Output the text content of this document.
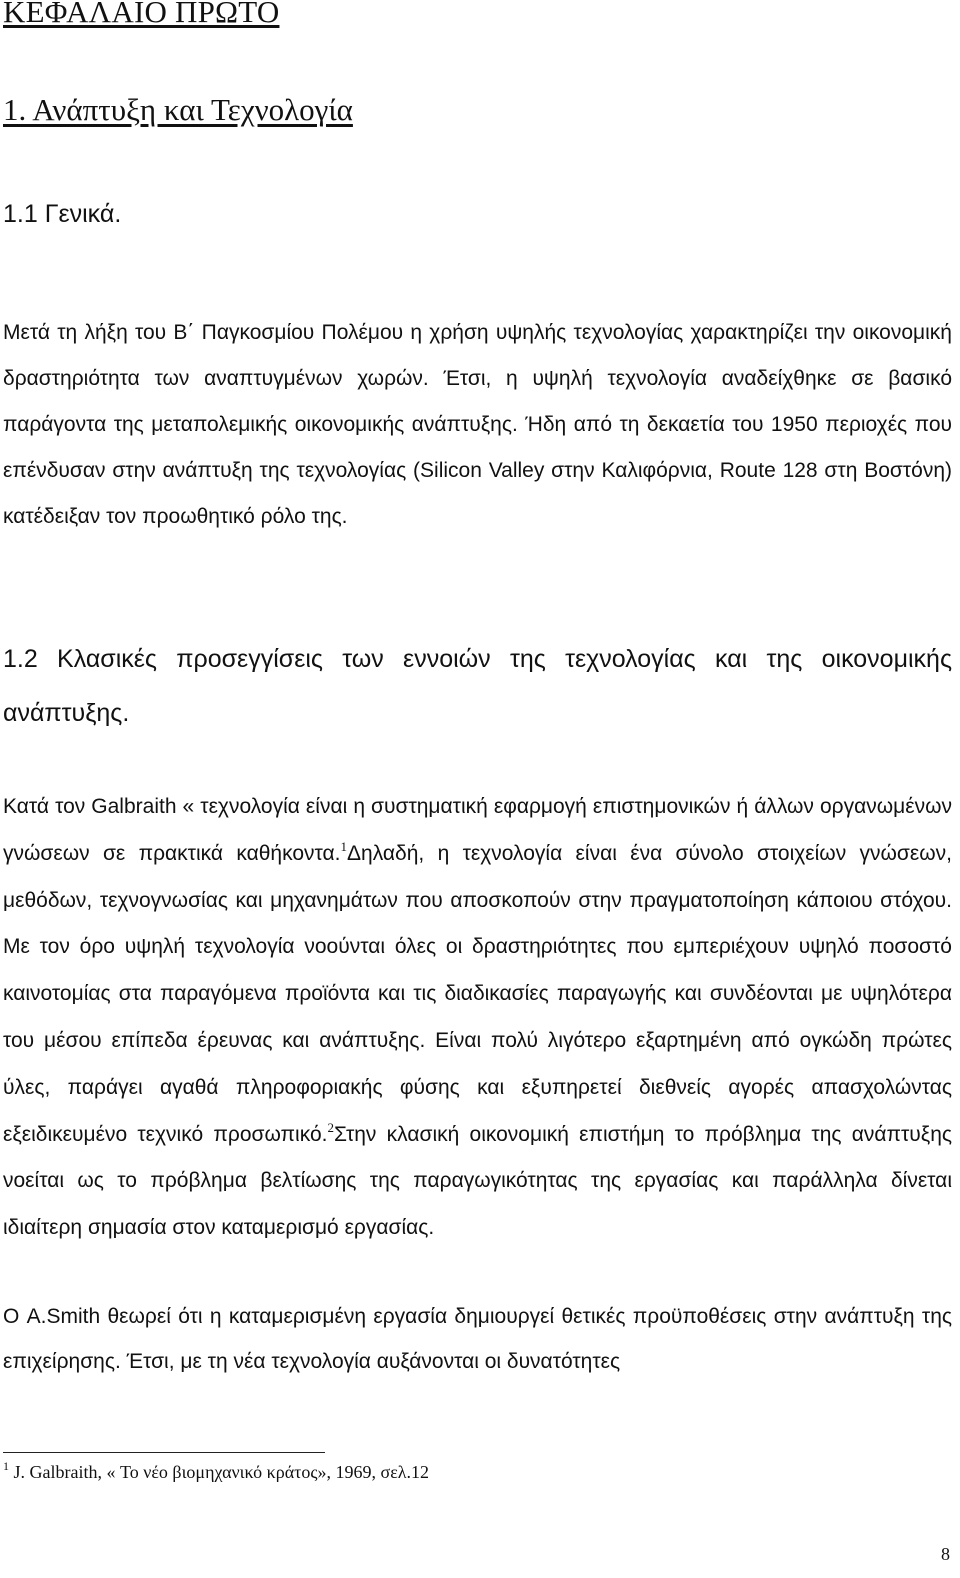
ΚΕΦΑΛΑΙΟ ΠΡΩΤΟ
1. Ανάπτυξη και Τεχνολογία
1.1 Γενικά.

Μετά τη λήξη του Β΄ Παγκοσμίου Πολέμου η χρήση υψηλής τεχνολογίας χαρακτηρίζει την οικονομική δραστηριότητα των αναπτυγμένων χωρών. Έτσι, η υψηλή τεχνολογία αναδείχθηκε σε βασικό παράγοντα της μεταπολεμικής οικονομικής ανάπτυξης. Ήδη από τη δεκαετία του 1950 περιοχές που επένδυσαν στην ανάπτυξη της τεχνολογίας (Silicon Valley στην Καλιφόρνια, Route 128 στη Βοστόνη) κατέδειξαν τον προωθητικό ρόλο της.

1.2 Κλασικές προσεγγίσεις των εννοιών της τεχνολογίας και της οικονομικής ανάπτυξης.

Κατά τον Galbraith « τεχνολογία είναι η συστηματική εφαρμογή επιστημονικών ή άλλων οργανωμένων γνώσεων σε πρακτικά καθήκοντα.$^1$Δηλαδή, η τεχνολογία είναι ένα σύνολο στοιχείων γνώσεων, μεθόδων, τεχνογνωσίας και μηχανημάτων που αποσκοπούν στην πραγματοποίηση κάποιου στόχου. Με τον όρο υψηλή τεχνολογία νοούνται όλες οι δραστηριότητες που εμπεριέχουν υψηλό ποσοστό καινοτομίας στα παραγόμενα προϊόντα και τις διαδικασίες παραγωγής και συνδέονται με υψηλότερα του μέσου επίπεδα έρευνας και ανάπτυξης. Είναι πολύ λιγότερο εξαρτημένη από ογκώδη πρώτες ύλες, παράγει αγαθά πληροφοριακής φύσης και εξυπηρετεί διεθνείς αγορές απασχολώντας εξειδικευμένο τεχνικό προσωπικό.$^2$Στην κλασική οικονομική επιστήμη το πρόβλημα της ανάπτυξης νοείται ως το πρόβλημα βελτίωσης της παραγωγικότητας της εργασίας και παράλληλα δίνεται ιδιαίτερη σημασία στον καταμερισμό εργασίας.

Ο A.Smith θεωρεί ότι η καταμερισμένη εργασία δημιουργεί θετικές προϋποθέσεις στην ανάπτυξη της επιχείρησης. Έτσι, με τη νέα τεχνολογία αυξάνονται οι δυνατότητες

$^1$ J. Galbraith, « Το νέο βιομηχανικό κράτος», 1969, σελ.12

8
